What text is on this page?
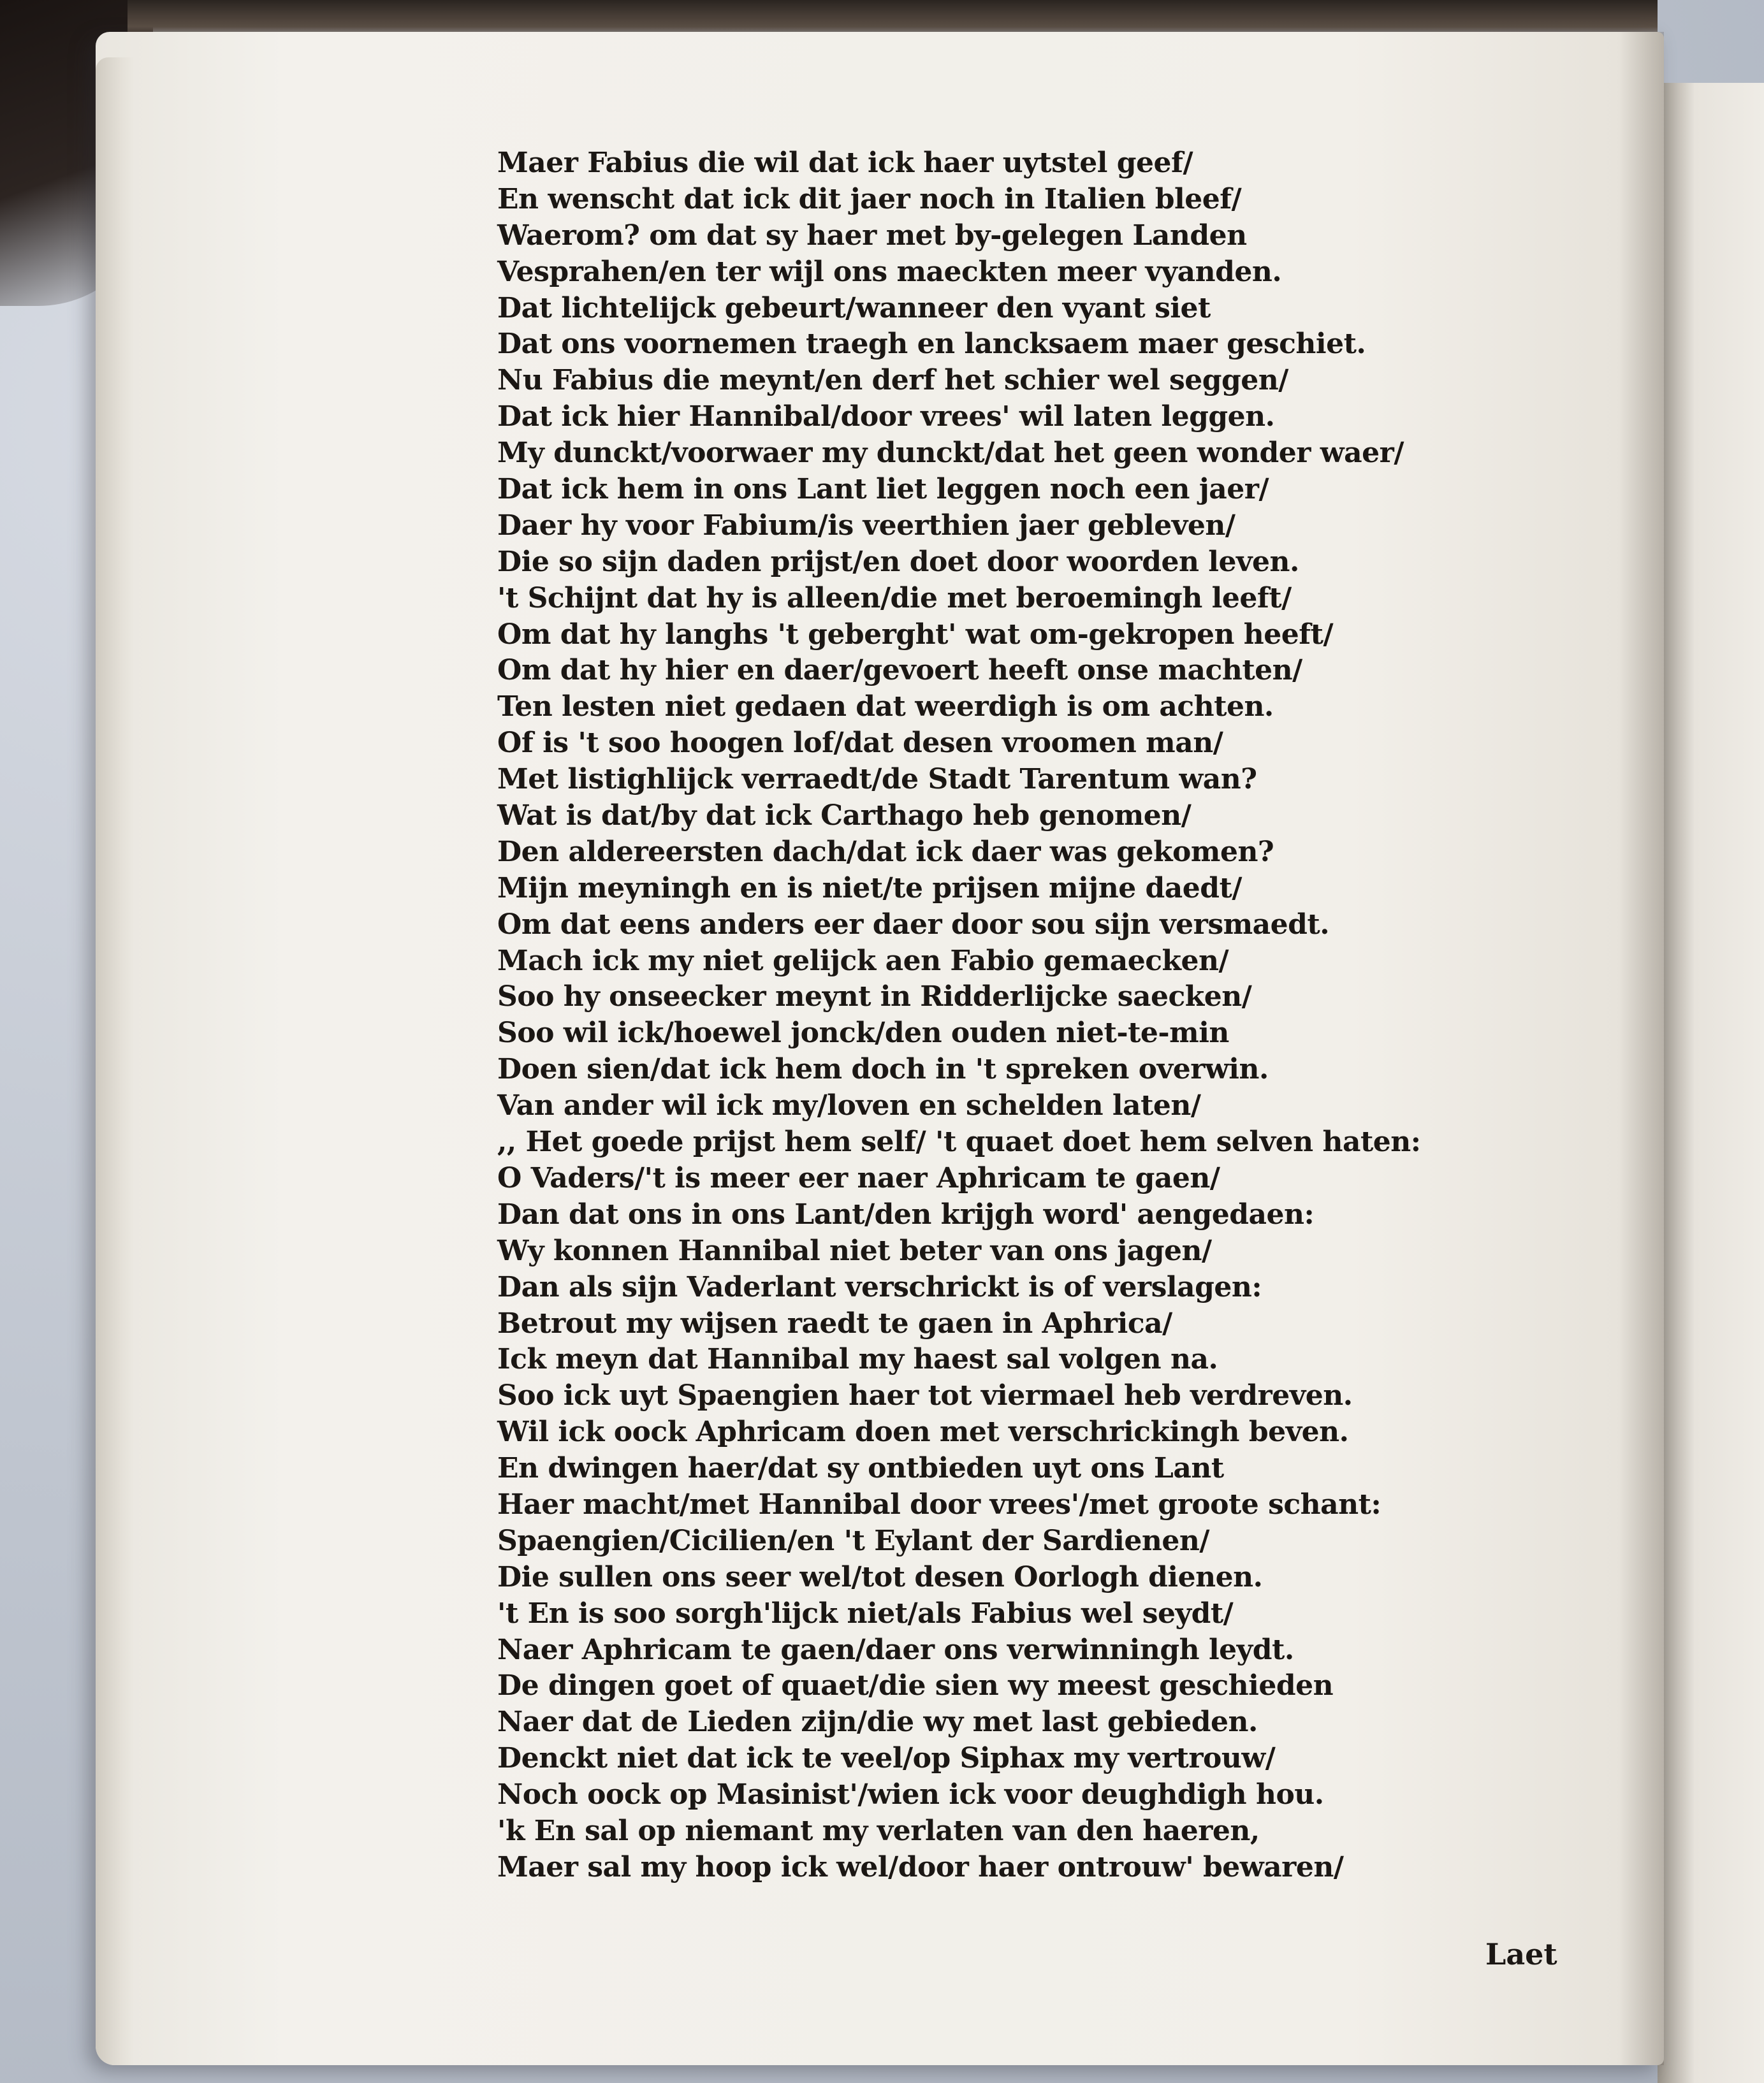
Maer Fabius die wil dat ick haer uytstel geef/
En wenscht dat ick dit jaer noch in Italien bleef/
Waerom? om dat sy haer met by-gelegen Landen
Vesprahen/en ter wijl ons maeckten meer vyanden.
Dat lichtelijck gebeurt/wanneer den vyant siet
Dat ons voornemen traegh en lancksaem maer geschiet.
Nu Fabius die meynt/en derf het schier wel seggen/
Dat ick hier Hannibal/door vrees' wil laten leggen.
My dunckt/voorwaer my dunckt/dat het geen wonder waer/
Dat ick hem in ons Lant liet leggen noch een jaer/
Daer hy voor Fabium/is veerthien jaer gebleven/
Die so sijn daden prijst/en doet door woorden leven.
't Schijnt dat hy is alleen/die met beroemingh leeft/
Om dat hy langhs 't geberght' wat om-gekropen heeft/
Om dat hy hier en daer/gevoert heeft onse machten/
Ten lesten niet gedaen dat weerdigh is om achten.
Of is 't soo hoogen lof/dat desen vroomen man/
Met listighlijck verraedt/de Stadt Tarentum wan?
Wat is dat/by dat ick Carthago heb genomen/
Den aldereersten dach/dat ick daer was gekomen?
Mijn meyningh en is niet/te prijsen mijne daedt/
Om dat eens anders eer daer door sou sijn versmaedt.
Mach ick my niet gelijck aen Fabio gemaecken/
Soo hy onseecker meynt in Ridderlijcke saecken/
Soo wil ick/hoewel jonck/den ouden niet-te-min
Doen sien/dat ick hem doch in 't spreken overwin.
Van ander wil ick my/loven en schelden laten/
,, Het goede prijst hem self/ 't quaet doet hem selven haten:
O Vaders/'t is meer eer naer Aphricam te gaen/
Dan dat ons in ons Lant/den krijgh word' aengedaen:
Wy konnen Hannibal niet beter van ons jagen/
Dan als sijn Vaderlant verschrickt is of verslagen:
Betrout my wijsen raedt te gaen in Aphrica/
Ick meyn dat Hannibal my haest sal volgen na.
Soo ick uyt Spaengien haer tot viermael heb verdreven.
Wil ick oock Aphricam doen met verschrickingh beven.
En dwingen haer/dat sy ontbieden uyt ons Lant
Haer macht/met Hannibal door vrees'/met groote schant:
Spaengien/Cicilien/en 't Eylant der Sardienen/
Die sullen ons seer wel/tot desen Oorlogh dienen.
't En is soo sorgh'lijck niet/als Fabius wel seydt/
Naer Aphricam te gaen/daer ons verwinningh leydt.
De dingen goet of quaet/die sien wy meest geschieden
Naer dat de Lieden zijn/die wy met last gebieden.
Denckt niet dat ick te veel/op Siphax my vertrouw/
Noch oock op Masinist'/wien ick voor deughdigh hou.
'k En sal op niemant my verlaten van den haeren,
Maer sal my hoop ick wel/door haer ontrouw' bewaren/
Laet
